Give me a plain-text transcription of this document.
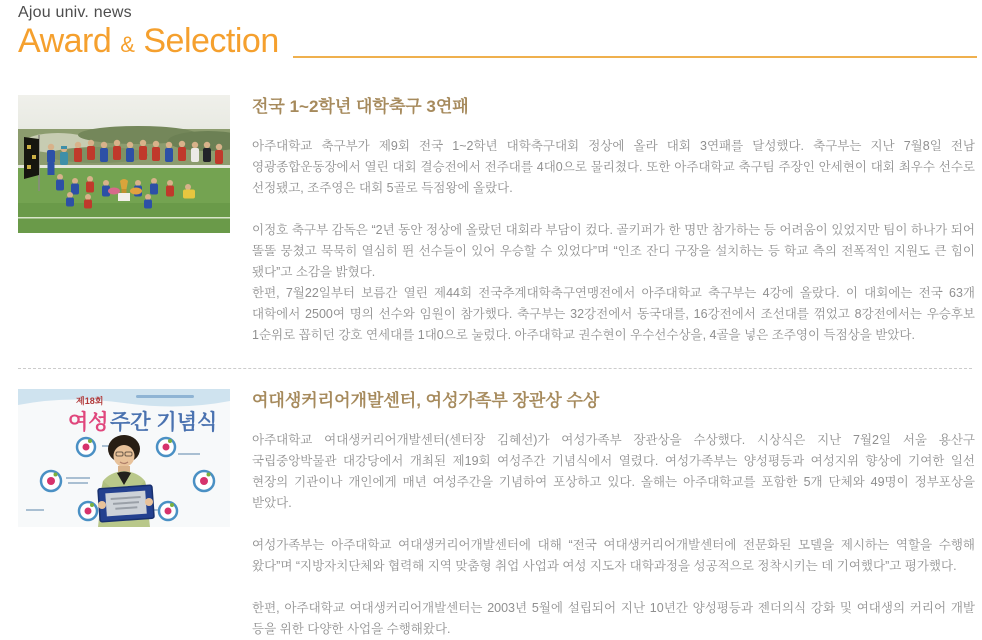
Ajou univ. news
Award & Selection
전국 1~2학년 대학축구 3연패

아주대학교 축구부가 제9회 전국 1~2학년 대학축구대회 정상에 올라 대회 3연패를 달성했다. 축구부는 지난 7월8일 전남 영광종합운동장에서 열린 대회 결승전에서 전주대를 4대0으로 물리쳤다. 또한 아주대학교 축구팀 주장인 안세현이 대회 최우수 선수로 선정됐고, 조주영은 대회 5골로 득점왕에 올랐다.

이정호 축구부 감독은 “2년 동안 정상에 올랐던 대회라 부담이 컸다. 골키퍼가 한 명만 참가하는 등 어려움이 있었지만 팀이 하나가 되어 똘똘 뭉쳤고 묵묵히 열심히 뛴 선수들이 있어 우승할 수 있었다”며 “인조 잔디 구장을 설치하는 등 학교 측의 전폭적인 지원도 큰 힘이 됐다”고 소감을 밝혔다.

한편, 7월22일부터 보름간 열린 제44회 전국추계대학축구연맹전에서 아주대학교 축구부는 4강에 올랐다. 이 대회에는 전국 63개 대학에서 2500여 명의 선수와 임원이 참가했다. 축구부는 32강전에서 동국대를, 16강전에서 조선대를 꺾었고 8강전에서는 우승후보 1순위로 꼽히던 강호 연세대를 1대0으로 눌렀다. 아주대학교 권수현이 우수선수상을, 4골을 넣은 조주영이 득점상을 받았다.

제18회
여성 주간 기념식
여대생커리어개발센터, 여성가족부 장관상 수상

아주대학교 여대생커리어개발센터(센터장 김혜선)가 여성가족부 장관상을 수상했다. 시상식은 지난 7월2일 서울 용산구 국립중앙박물관 대강당에서 개최된 제19회 여성주간 기념식에서 열렸다. 여성가족부는 양성평등과 여성지위 향상에 기여한 일선 현장의 기관이나 개인에게 매년 여성주간을 기념하여 포상하고 있다. 올해는 아주대학교를 포함한 5개 단체와 49명이 정부포상을 받았다.

여성가족부는 아주대학교 여대생커리어개발센터에 대해 “전국 여대생커리어개발센터에 전문화된 모델을 제시하는 역할을 수행해 왔다”며 “지방자치단체와 협력해 지역 맞춤형 취업 사업과 여성 지도자 대학과정을 성공적으로 정착시키는 데 기여했다”고 평가했다.

한편, 아주대학교 여대생커리어개발센터는 2003년 5월에 설립되어 지난 10년간 양성평등과 젠더의식 강화 및 여대생의 커리어 개발 등을 위한 다양한 사업을 수행해왔다.
